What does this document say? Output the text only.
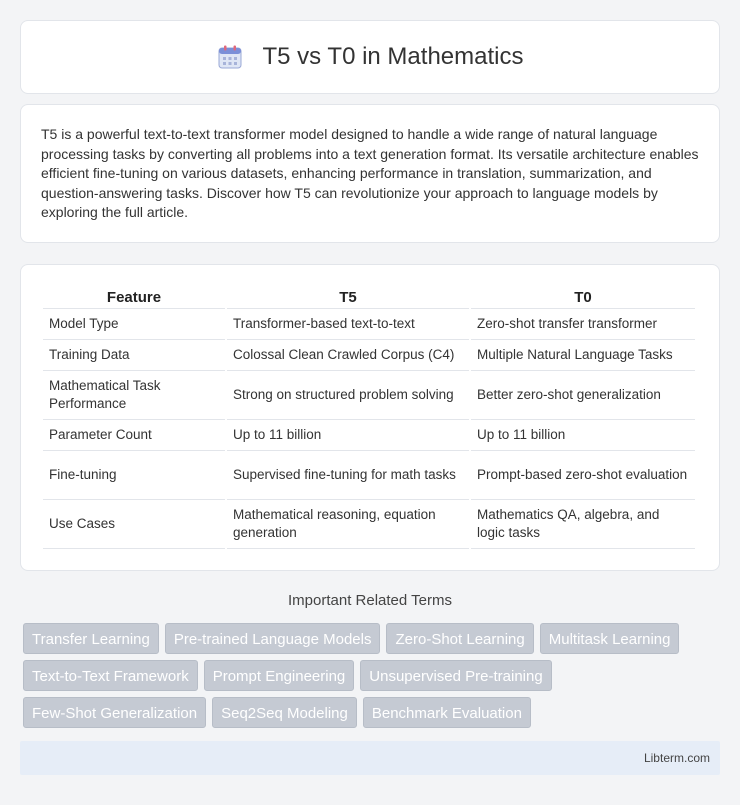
T5 vs T0 in Mathematics

T5 is a powerful text-to-text transformer model designed to handle a wide range of natural language processing tasks by converting all problems into a text generation format. Its versatile architecture enables efficient fine-tuning on various datasets, enhancing performance in translation, summarization, and question-answering tasks. Discover how T5 can revolutionize your approach to language models by exploring the full article.

Feature	T5	T0
Model Type	Transformer-based text-to-text	Zero-shot transfer transformer
Training Data	Colossal Clean Crawled Corpus (C4)	Multiple Natural Language Tasks
Mathematical Task Performance	Strong on structured problem solving	Better zero-shot generalization
Parameter Count	Up to 11 billion	Up to 11 billion
Fine-tuning	Supervised fine-tuning for math tasks	Prompt-based zero-shot evaluation
Use Cases	Mathematical reasoning, equation generation	Mathematics QA, algebra, and logic tasks
Important Related Terms
Transfer Learning	Pre-trained Language Models	Zero-Shot Learning	Multitask Learning
Text-to-Text Framework	Prompt Engineering	Unsupervised Pre-training
Few-Shot Generalization	Seq2Seq Modeling	Benchmark Evaluation
Libterm.com
